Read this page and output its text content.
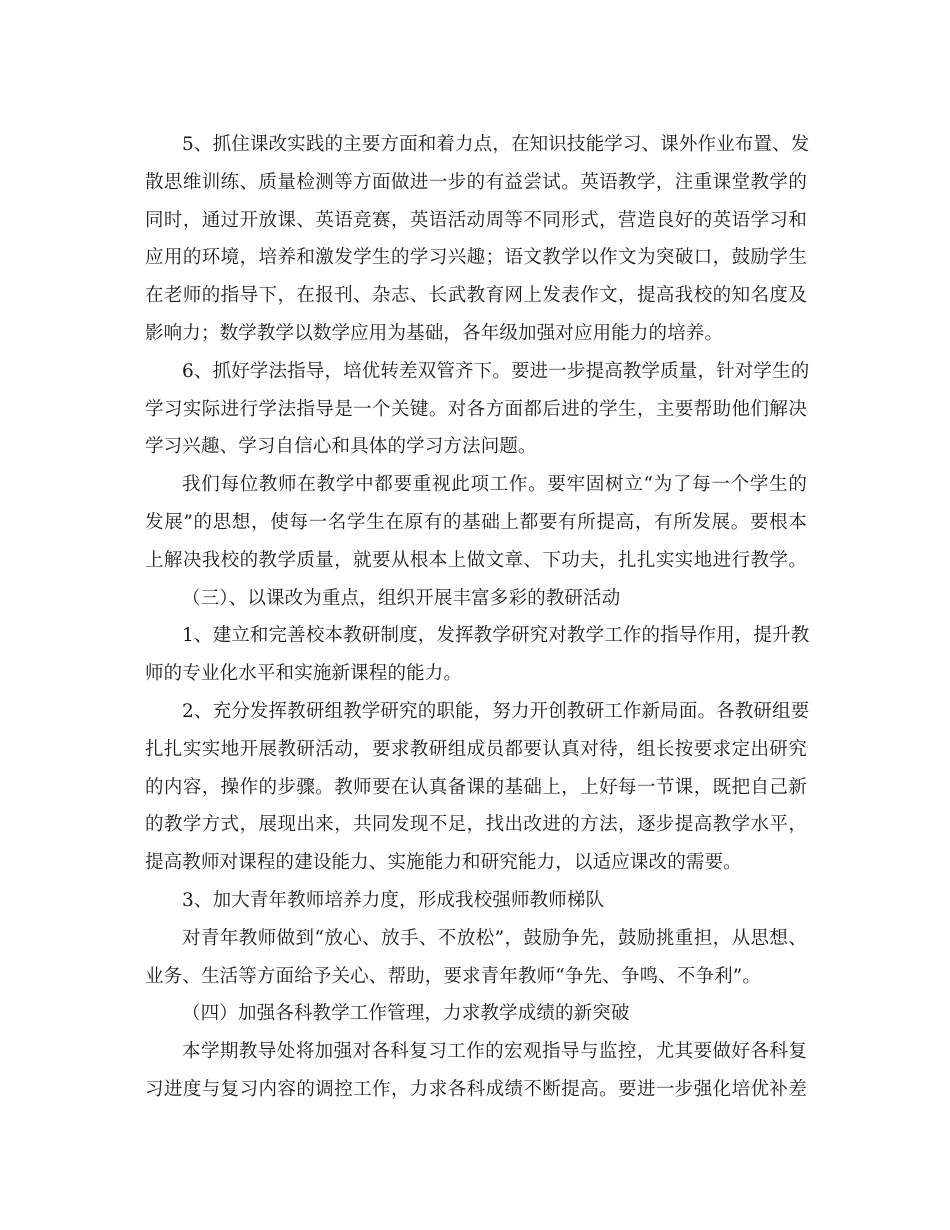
5、抓住课改实践的主要方面和着力点，在知识技能学习、课外作业布置、发
散思维训练、质量检测等方面做进一步的有益尝试。英语教学，注重课堂教学的
同时，通过开放课、英语竞赛，英语活动周等不同形式，营造良好的英语学习和
应用的环境，培养和激发学生的学习兴趣；语文教学以作文为突破口，鼓励学生
在老师的指导下，在报刊、杂志、长武教育网上发表作文，提高我校的知名度及
影响力；数学教学以数学应用为基础，各年级加强对应用能力的培养。
6、抓好学法指导，培优转差双管齐下。要进一步提高教学质量，针对学生的
学习实际进行学法指导是一个关键。对各方面都后进的学生，主要帮助他们解决
学习兴趣、学习自信心和具体的学习方法问题。
我们每位教师在教学中都要重视此项工作。要牢固树立“为了每一个学生的
发展”的思想，使每一名学生在原有的基础上都要有所提高，有所发展。要根本
上解决我校的教学质量，就要从根本上做文章、下功夫，扎扎实实地进行教学。
（三）、以课改为重点，组织开展丰富多彩的教研活动
1、建立和完善校本教研制度，发挥教学研究对教学工作的指导作用，提升教
师的专业化水平和实施新课程的能力。
2、充分发挥教研组教学研究的职能，努力开创教研工作新局面。各教研组要
扎扎实实地开展教研活动，要求教研组成员都要认真对待，组长按要求定出研究
的内容，操作的步骤。教师要在认真备课的基础上，上好每一节课，既把自己新
的教学方式，展现出来，共同发现不足，找出改进的方法，逐步提高教学水平，
提高教师对课程的建设能力、实施能力和研究能力，以适应课改的需要。
3、加大青年教师培养力度，形成我校强师教师梯队
对青年教师做到“放心、放手、不放松”，鼓励争先，鼓励挑重担，从思想、
业务、生活等方面给予关心、帮助，要求青年教师“争先、争鸣、不争利”。
（四）加强各科教学工作管理，力求教学成绩的新突破
本学期教导处将加强对各科复习工作的宏观指导与监控，尤其要做好各科复
习进度与复习内容的调控工作，力求各科成绩不断提高。要进一步强化培优补差
